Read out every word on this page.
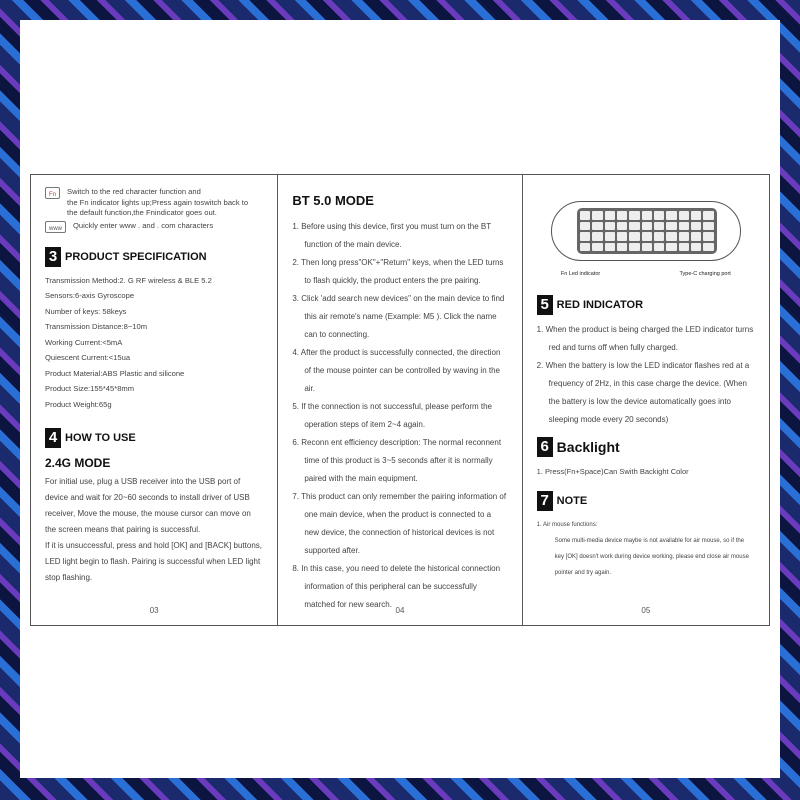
Fn	Switch to the red character function and
the Fn indicator lights up;Press again toswitch back to
the default function,the Fnindicator goes out.
www	Quickly enter www . and . com characters
3 PRODUCT SPECIFICATION
Transmission Method:2. G RF wireless & BLE 5.2
Sensors:6-axis Gyroscope
Number of keys: 58keys
Transmission Distance:8~10m
Working Current:<5mA
Quiescent Current:<15ua
Product Material:ABS Plastic and silicone
Product Size:155*45*8mm
Product Weight:65g
4 HOW TO USE
2.4G MODE
For initial use, plug a USB receiver into the USB port of device and wait for 20~60 seconds to install driver of USB receiver, Move the mouse, the mouse cursor can move on the screen means that pairing is successful.
If it is unsuccessful, press and hold [OK] and [BACK] buttons, LED light begin to flash. Pairing is successful when LED light stop flashing.
03
BT 5.0 MODE
1. Before using this device, first you must turn on the BT function of the main device.
2. Then long press"OK"+"Return" keys, when the LED turns to flash quickly, the product enters the pre pairing.
3. Click 'add search new devices" on the main device to find this air remote's name (Example: M5 ). Click the name can to connecting.
4. After the product is successfully connected, the direction of the mouse pointer can be controlled by waving in the air.
5. If the connection is not successful, please perform the operation steps of item 2~4 again.
6. Reconn ent efficiency description: The normal reconnent time of this product is 3~5 seconds after it is normally paired with the main equipment.
7. This product can only remember the pairing information of one main device, when the product is connected to a new device, the connection of historical devices is not supported after.
8. In this case, you need to delete the historical connection information of this peripheral can be successfully matched for new search.
04
Fn Led indicator	Type-C charging port
5 RED INDICATOR
1. When the product is being charged the LED indicator turns red and turns off when fully charged.
2. When the battery is low the LED indicator flashes red at a frequency of 2Hz, in this case charge the device. (When the battery is low the device automatically goes into sleeping mode every 20 seconds)
6 Backlight
1. Press(Fn+Space)Can Swith Backight Color
7 NOTE
1. Air mouse functions:
Some multi-media device maybe is not available for air mouse, so if the key [OK] doesn't work during device working, please end close air mouse pointer and try again.
05
